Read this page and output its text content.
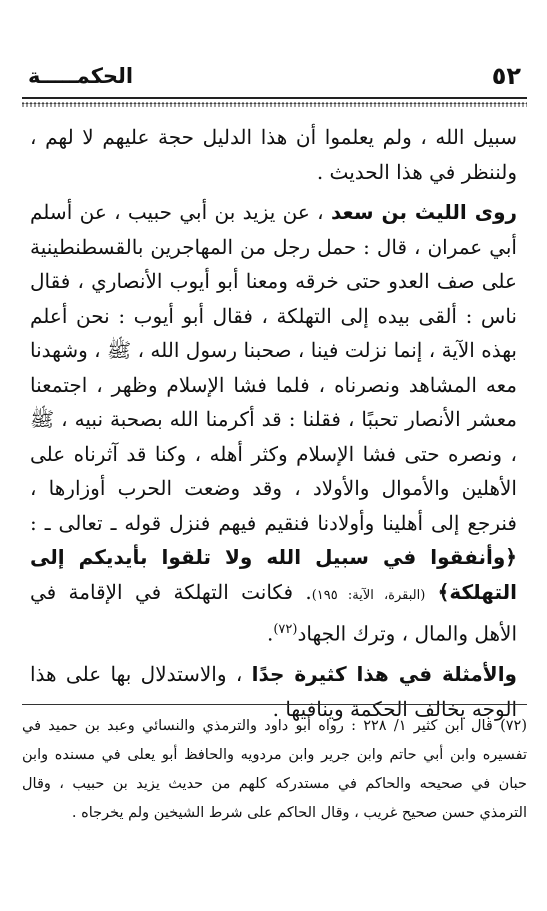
الحكمـــــة	٥٢

سبيل الله ، ولم يعلموا أن هذا الدليل حجة عليهم لا لهم ، ولننظر في هذا الحديث .

روى الليث بن سعد ، عن يزيد بن أبي حبيب ، عن أسلم أبي عمران ، قال : حمل رجل من المهاجرين بالقسطنطينية على صف العدو حتى خرقه ومعنا أبو أيوب الأنصاري ، فقال ناس : ألقى بيده إلى التهلكة ، فقال أبو أيوب : نحن أعلم بهذه الآية ، إنما نزلت فينا ، صحبنا رسول الله ، ﷺ ، وشهدنا معه المشاهد ونصرناه ، فلما فشا الإسلام وظهر ، اجتمعنا معشر الأنصار تحببًا ، فقلنا : قد أكرمنا الله بصحبة نبيه ، ﷺ ، ونصره حتى فشا الإسلام وكثر أهله ، وكنا قد آثرناه على الأهلين والأموال والأولاد ، وقد وضعت الحرب أوزارها ، فنرجع إلى أهلينا وأولادنا فنقيم فيهم فنزل قوله ـ تعالى ـ : ﴿وأنفقوا في سبيل الله ولا تلقوا بأيديكم إلى التهلكة﴾ (البقرة، الآية: ١٩٥). فكانت التهلكة في الإقامة في الأهل والمال ، وترك الجهاد$^{(٧٢)}$.

والأمثلة في هذا كثيرة جدًا ، والاستدلال بها على هذا الوجه يخالف الحكمة وينافيها .

(٧٢) قال ابن كثير ١/ ٢٢٨ : رواه أبو داود والترمذي والنسائي وعبد بن حميد في تفسيره وابن أبي حاتم وابن جرير وابن مردويه والحافظ أبو يعلى في مسنده وابن حبان في صحيحه والحاكم في مستدركه كلهم من حديث يزيد بن حبيب ، وقال الترمذي حسن صحيح غريب ، وقال الحاكم على شرط الشيخين ولم يخرجاه .
